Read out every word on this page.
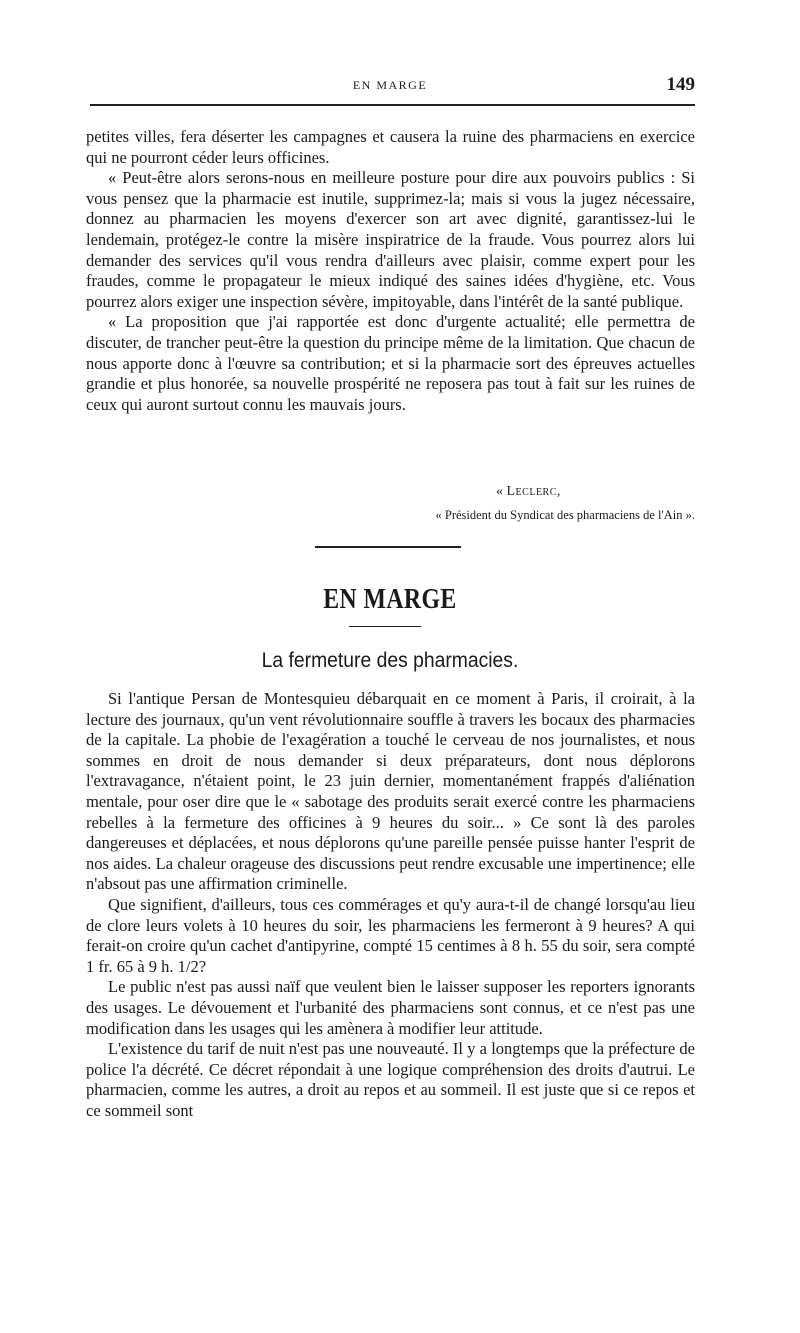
EN MARGE	149

petites villes, fera déserter les campagnes et causera la ruine des pharmaciens en exercice qui ne pourront céder leurs officines.

« Peut-être alors serons-nous en meilleure posture pour dire aux pouvoirs publics : Si vous pensez que la pharmacie est inutile, supprimez-la; mais si vous la jugez nécessaire, donnez au pharmacien les moyens d'exercer son art avec dignité, garantissez-lui le lendemain, protégez-le contre la misère inspiratrice de la fraude. Vous pourrez alors lui demander des services qu'il vous rendra d'ailleurs avec plaisir, comme expert pour les fraudes, comme le propagateur le mieux indiqué des saines idées d'hygiène, etc. Vous pourrez alors exiger une inspection sévère, impitoyable, dans l'intérêt de la santé publique.

« La proposition que j'ai rapportée est donc d'urgente actualité; elle permettra de discuter, de trancher peut-être la question du principe même de la limitation. Que chacun de nous apporte donc à l'œuvre sa contribution; et si la pharmacie sort des épreuves actuelles grandie et plus honorée, sa nouvelle prospérité ne reposera pas tout à fait sur les ruines de ceux qui auront surtout connu les mauvais jours.

« Leclerc,
« Président du Syndicat des pharmaciens de l'Ain ».
EN MARGE
La fermeture des pharmacies.

Si l'antique Persan de Montesquieu débarquait en ce moment à Paris, il croirait, à la lecture des journaux, qu'un vent révolutionnaire souffle à travers les bocaux des pharmacies de la capitale. La phobie de l'exagération a touché le cerveau de nos journalistes, et nous sommes en droit de nous demander si deux préparateurs, dont nous déplorons l'extravagance, n'étaient point, le 23 juin dernier, momentanément frappés d'aliénation mentale, pour oser dire que le « sabotage des produits serait exercé contre les pharmaciens rebelles à la fermeture des officines à 9 heures du soir... » Ce sont là des paroles dangereuses et déplacées, et nous déplorons qu'une pareille pensée puisse hanter l'esprit de nos aides. La chaleur orageuse des discussions peut rendre excusable une impertinence; elle n'absout pas une affirmation criminelle.

Que signifient, d'ailleurs, tous ces commérages et qu'y aura-t-il de changé lorsqu'au lieu de clore leurs volets à 10 heures du soir, les pharmaciens les fermeront à 9 heures? A qui ferait-on croire qu'un cachet d'antipyrine, compté 15 centimes à 8 h. 55 du soir, sera compté 1 fr. 65 à 9 h. 1/2?

Le public n'est pas aussi naïf que veulent bien le laisser supposer les reporters ignorants des usages. Le dévouement et l'urbanité des pharmaciens sont connus, et ce n'est pas une modification dans les usages qui les amènera à modifier leur attitude.

L'existence du tarif de nuit n'est pas une nouveauté. Il y a longtemps que la préfecture de police l'a décrété. Ce décret répondait à une logique compréhension des droits d'autrui. Le pharmacien, comme les autres, a droit au repos et au sommeil. Il est juste que si ce repos et ce sommeil sont
